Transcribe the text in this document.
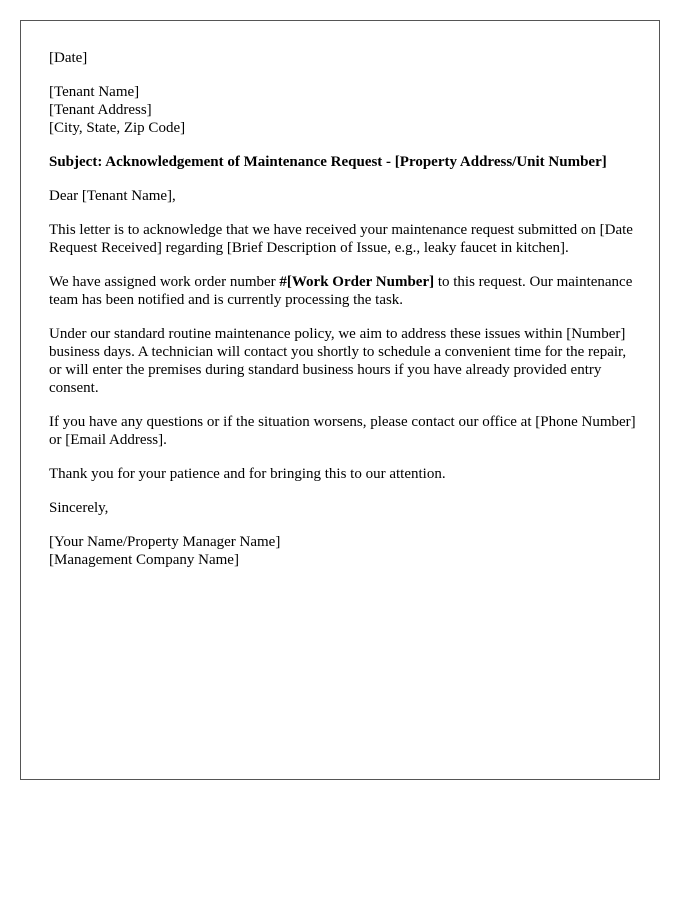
[Date]
[Tenant Name]
[Tenant Address]
[City, State, Zip Code]

Subject: Acknowledgement of Maintenance Request - [Property Address/Unit Number]

Dear [Tenant Name],

This letter is to acknowledge that we have received your maintenance request submitted on [Date Request Received] regarding [Brief Description of Issue, e.g., leaky faucet in kitchen].

We have assigned work order number #[Work Order Number] to this request. Our maintenance team has been notified and is currently processing the task.

Under our standard routine maintenance policy, we aim to address these issues within [Number] business days. A technician will contact you shortly to schedule a convenient time for the repair, or will enter the premises during standard business hours if you have already provided entry consent.

If you have any questions or if the situation worsens, please contact our office at [Phone Number] or [Email Address].

Thank you for your patience and for bringing this to our attention.

Sincerely,

[Your Name/Property Manager Name]
[Management Company Name]
